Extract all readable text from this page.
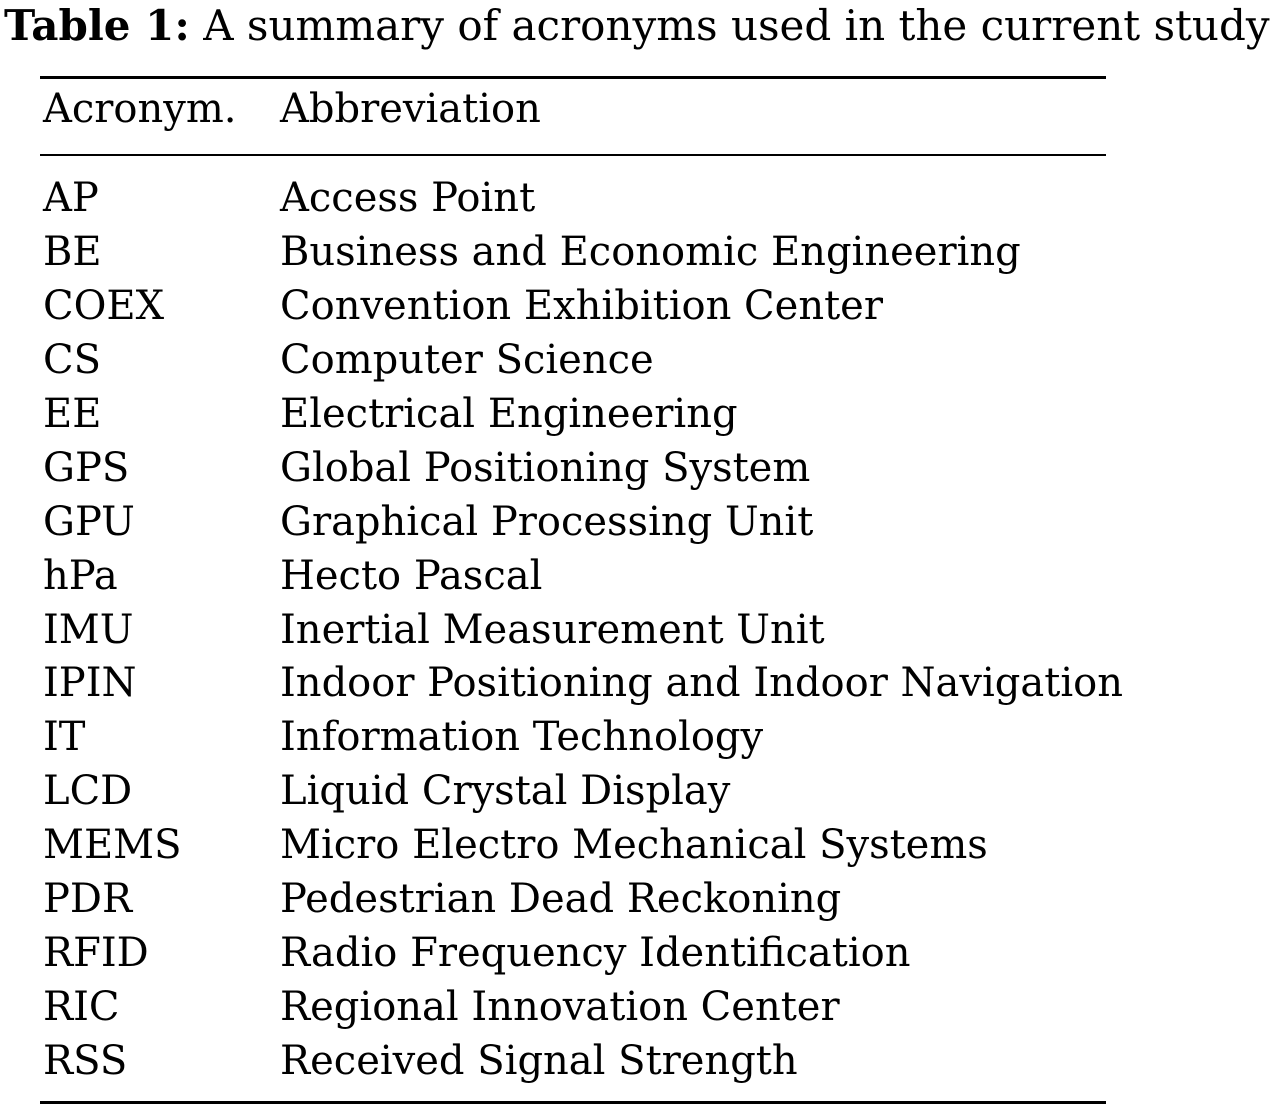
Table 1: A summary of acronyms used in the current study
Acronym. Abbreviation
AP	Access Point
BE	Business and Economic Engineering
COEX	Convention Exhibition Center
CS	Computer Science
EE	Electrical Engineering
GPS	Global Positioning System
GPU	Graphical Processing Unit
hPa	Hecto Pascal
IMU	Inertial Measurement Unit
IPIN	Indoor Positioning and Indoor Navigation
IT	Information Technology
LCD	Liquid Crystal Display
MEMS Micro Electro Mechanical Systems
PDR	Pedestrian Dead Reckoning
RFID	Radio Frequency Identification
RIC	Regional Innovation Center
RSS	Received Signal Strength
